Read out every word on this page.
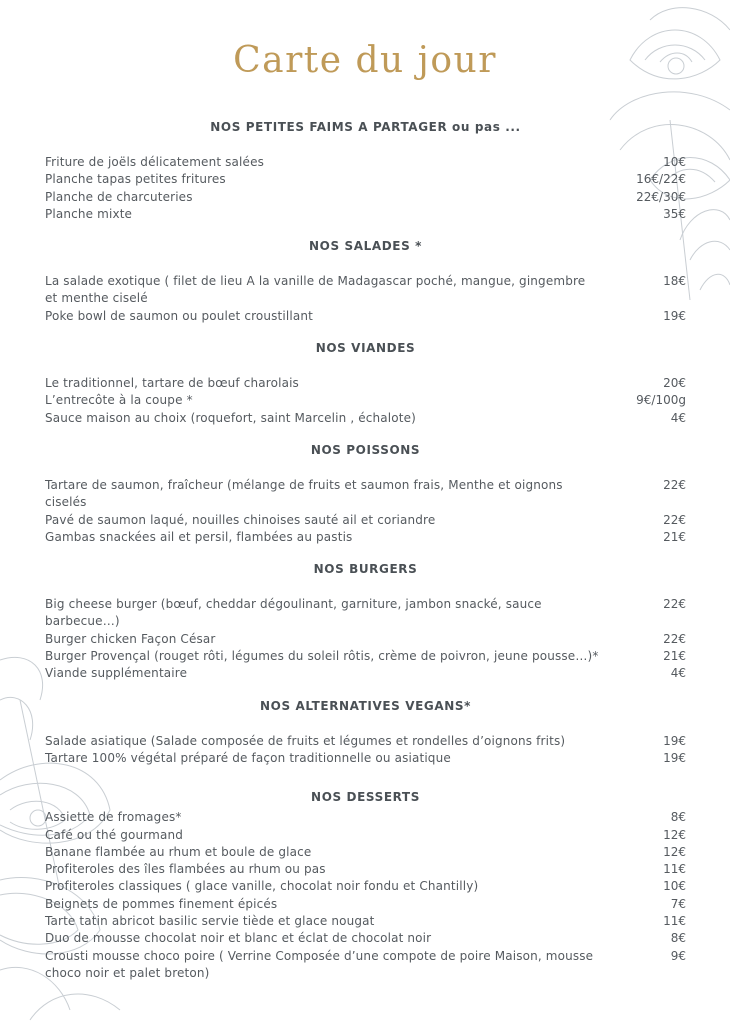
Carte du jour
NOS PETITES FAIMS A PARTAGER ou pas ...
Friture de joëls délicatement salées	10€
Planche tapas petites fritures	16€/22€
Planche de charcuteries	22€/30€
Planche mixte	35€
NOS SALADES *
La salade exotique ( filet de lieu A la vanille de Madagascar poché, mangue, gingembre et menthe ciselé
18€
Poke bowl de saumon ou poulet croustillant	19€
NOS VIANDES
Le traditionnel, tartare de bœuf charolais	20€
L’entrecôte à la coupe *	9€/100g
Sauce maison au choix (roquefort, saint Marcelin , échalote)	4€
NOS POISSONS
Tartare de saumon, fraîcheur (mélange de fruits et saumon frais, Menthe et oignons ciselés
22€
Pavé de saumon laqué, nouilles chinoises sauté ail et coriandre	22€
Gambas snackées ail et persil, flambées au pastis	21€
NOS BURGERS
Big cheese burger (bœuf, cheddar dégoulinant, garniture, jambon snacké, sauce barbecue…)
22€
Burger chicken Façon César	22€
Burger Provençal (rouget rôti, légumes du soleil rôtis, crème de poivron, jeune pousse…)*	21€
Viande supplémentaire	4€
NOS ALTERNATIVES VEGANS*
Salade asiatique (Salade composée de fruits et légumes et rondelles d’oignons frits)	19€
Tartare 100% végétal préparé de façon traditionnelle ou asiatique	19€
NOS DESSERTS
Assiette de fromages*	8€
Café ou thé gourmand	12€
Banane flambée au rhum et boule de glace	12€
Profiteroles des îles flambées au rhum ou pas	11€
Profiteroles classiques ( glace vanille, chocolat noir fondu et Chantilly)	10€
Beignets de pommes finement épicés	7€
Tarte tatin abricot basilic servie tiède et glace nougat	11€
Duo de mousse chocolat noir et blanc et éclat de chocolat noir	8€
Crousti mousse choco poire ( Verrine Composée d’une compote de poire Maison, mousse choco noir et palet breton)
9€
